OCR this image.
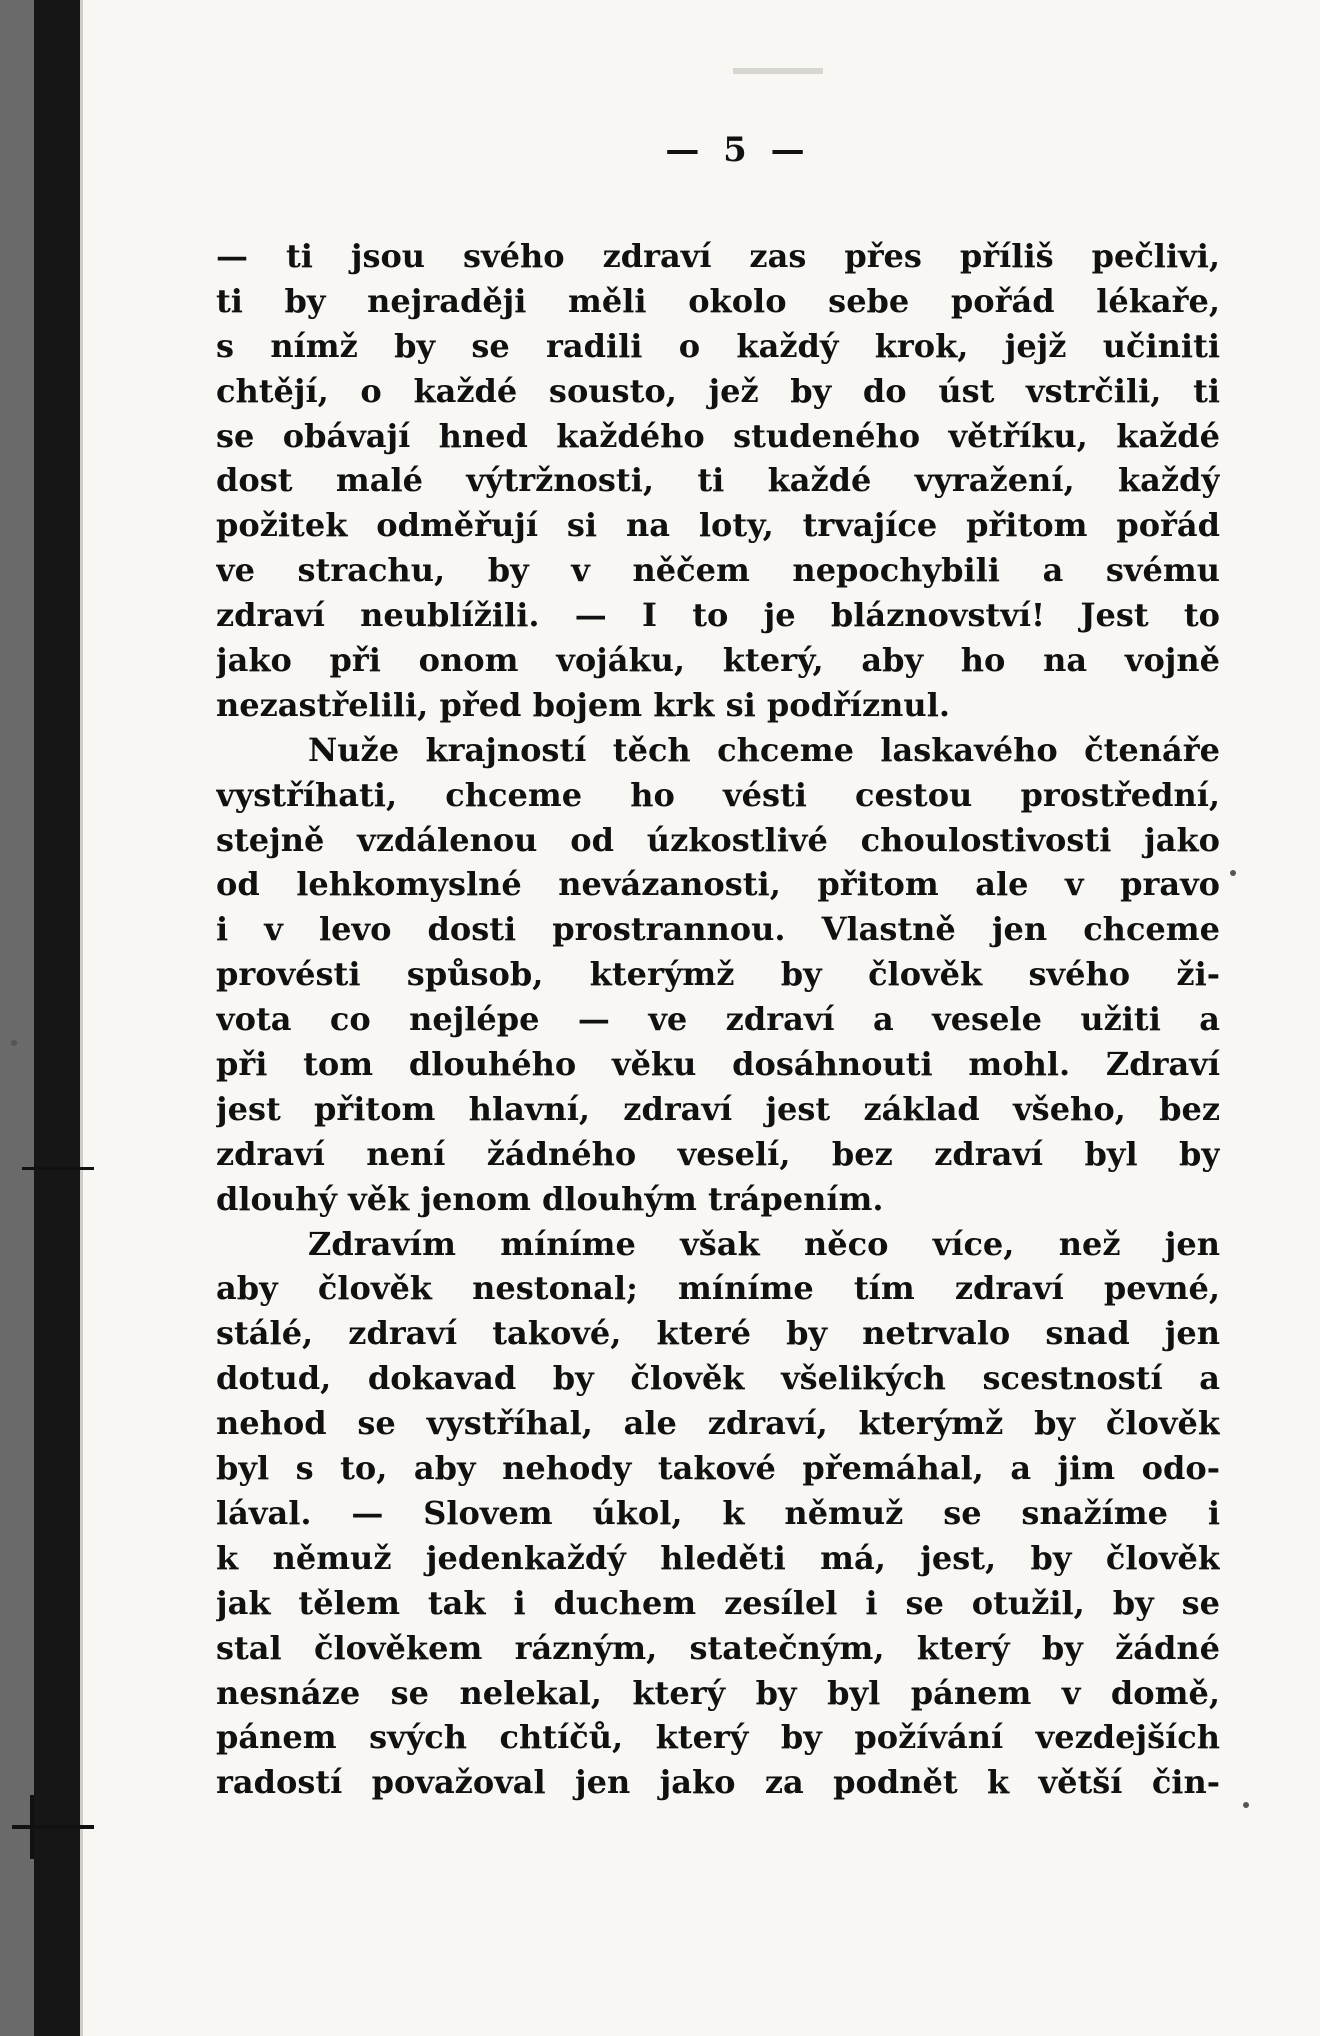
— 5 —
— ti jsou svého zdraví zas přes příliš pečlivi,
ti by nejraději měli okolo sebe pořád lékaře,
s nímž by se radili o každý krok, jejž učiniti
chtějí, o každé sousto, jež by do úst vstrčili, ti
se obávají hned každého studeného větříku, každé
dost malé výtržnosti, ti každé vyražení, každý
požitek odměřují si na loty, trvajíce přitom pořád
ve strachu, by v něčem nepochybili a svému
zdraví neublížili. — I to je bláznovství! Jest to
jako při onom vojáku, který, aby ho na vojně
nezastřelili, před bojem krk si podříznul.
Nuže krajností těch chceme laskavého čtenáře
vystříhati, chceme ho vésti cestou prostřední,
stejně vzdálenou od úzkostlivé choulostivosti jako
od lehkomyslné nevázanosti, přitom ale v pravo
i v levo dosti prostrannou. Vlastně jen chceme
provésti spůsob, kterýmž by člověk svého ži-
vota co nejlépe — ve zdraví a vesele užiti a
při tom dlouhého věku dosáhnouti mohl. Zdraví
jest přitom hlavní, zdraví jest základ všeho, bez
zdraví není žádného veselí, bez zdraví byl by
dlouhý věk jenom dlouhým trápením.
Zdravím míníme však něco více, než jen
aby člověk nestonal; míníme tím zdraví pevné,
stálé, zdraví takové, které by netrvalo snad jen
dotud, dokavad by člověk všelikých scestností a
nehod se vystříhal, ale zdraví, kterýmž by člověk
byl s to, aby nehody takové přemáhal, a jim odo-
lával. — Slovem úkol, k němuž se snažíme i
k němuž jedenkaždý hleděti má, jest, by člověk
jak tělem tak i duchem zesílel i se otužil, by se
stal člověkem rázným, statečným, který by žádné
nesnáze se nelekal, který by byl pánem v domě,
pánem svých chtíčů, který by požívání vezdejších
radostí považoval jen jako za podnět k větší čin-
